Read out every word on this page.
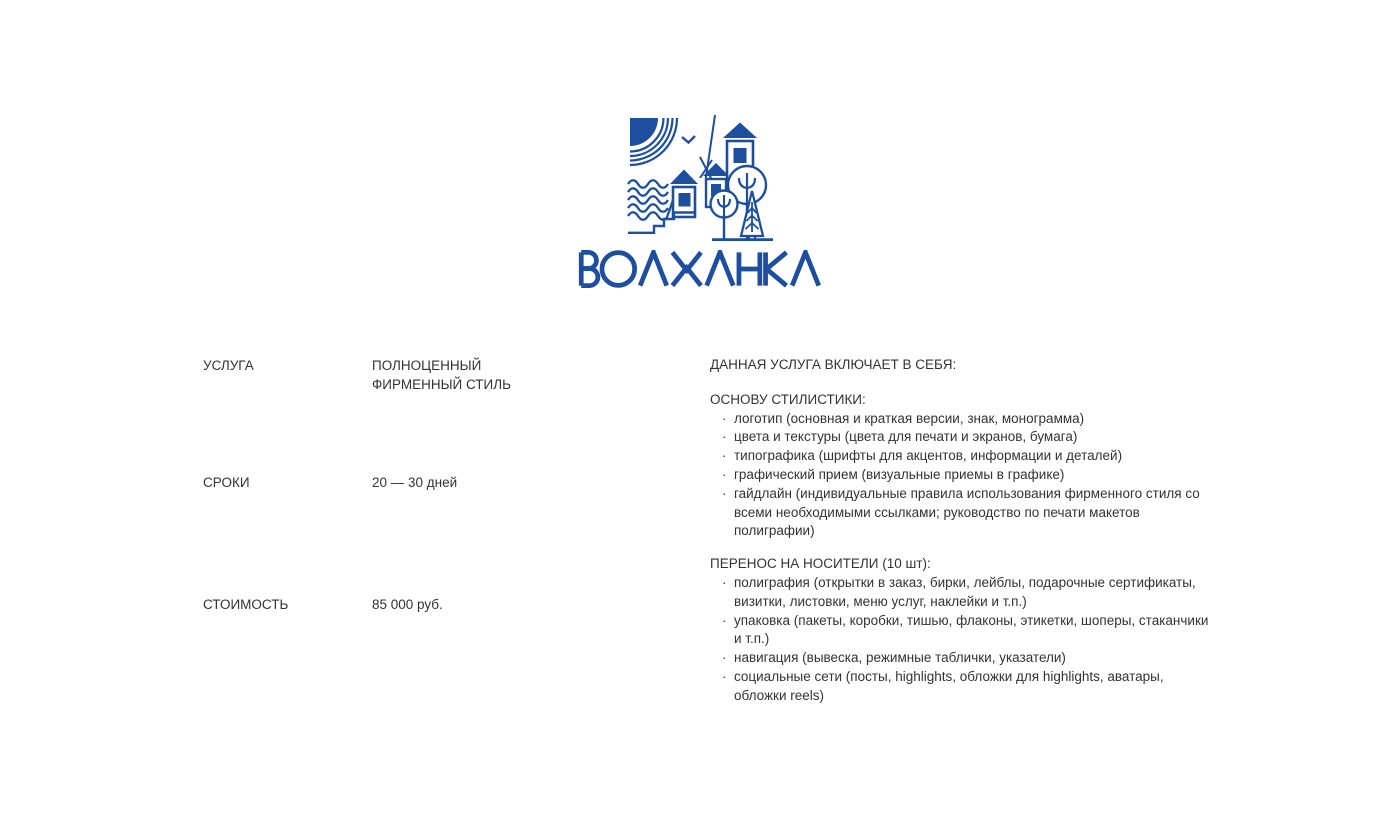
УСЛУГА	ПОЛНОЦЕННЫЙ
ФИРМЕННЫЙ СТИЛЬ
СРОКИ	20 — 30 дней
СТОИМОСТЬ	85 000 руб.
ДАННАЯ УСЛУГА ВКЛЮЧАЕТ В СЕБЯ:
ОСНОВУ СТИЛИСТИКИ:
· логотип (основная и краткая версии, знак, монограмма)
· цвета и текстуры (цвета для печати и экранов, бумага)
· типографика (шрифты для акцентов, информации и деталей)
· графический прием (визуальные приемы в графике)
· гайдлайн (индивидуальные правила использования фирменного стиля со всеми необходимыми ссылками; руководство по печати макетов полиграфии)
ПЕРЕНОС НА НОСИТЕЛИ (10 шт):
· полиграфия (открытки в заказ, бирки, лейблы, подарочные сертификаты, визитки, листовки, меню услуг, наклейки и т.п.)
· упаковка (пакеты, коробки, тишью, флаконы, этикетки, шоперы, стаканчики и т.п.)
· навигация (вывеска, режимные таблички, указатели)
· социальные сети (посты, highlights, обложки для highlights, аватары, обложки reels)
